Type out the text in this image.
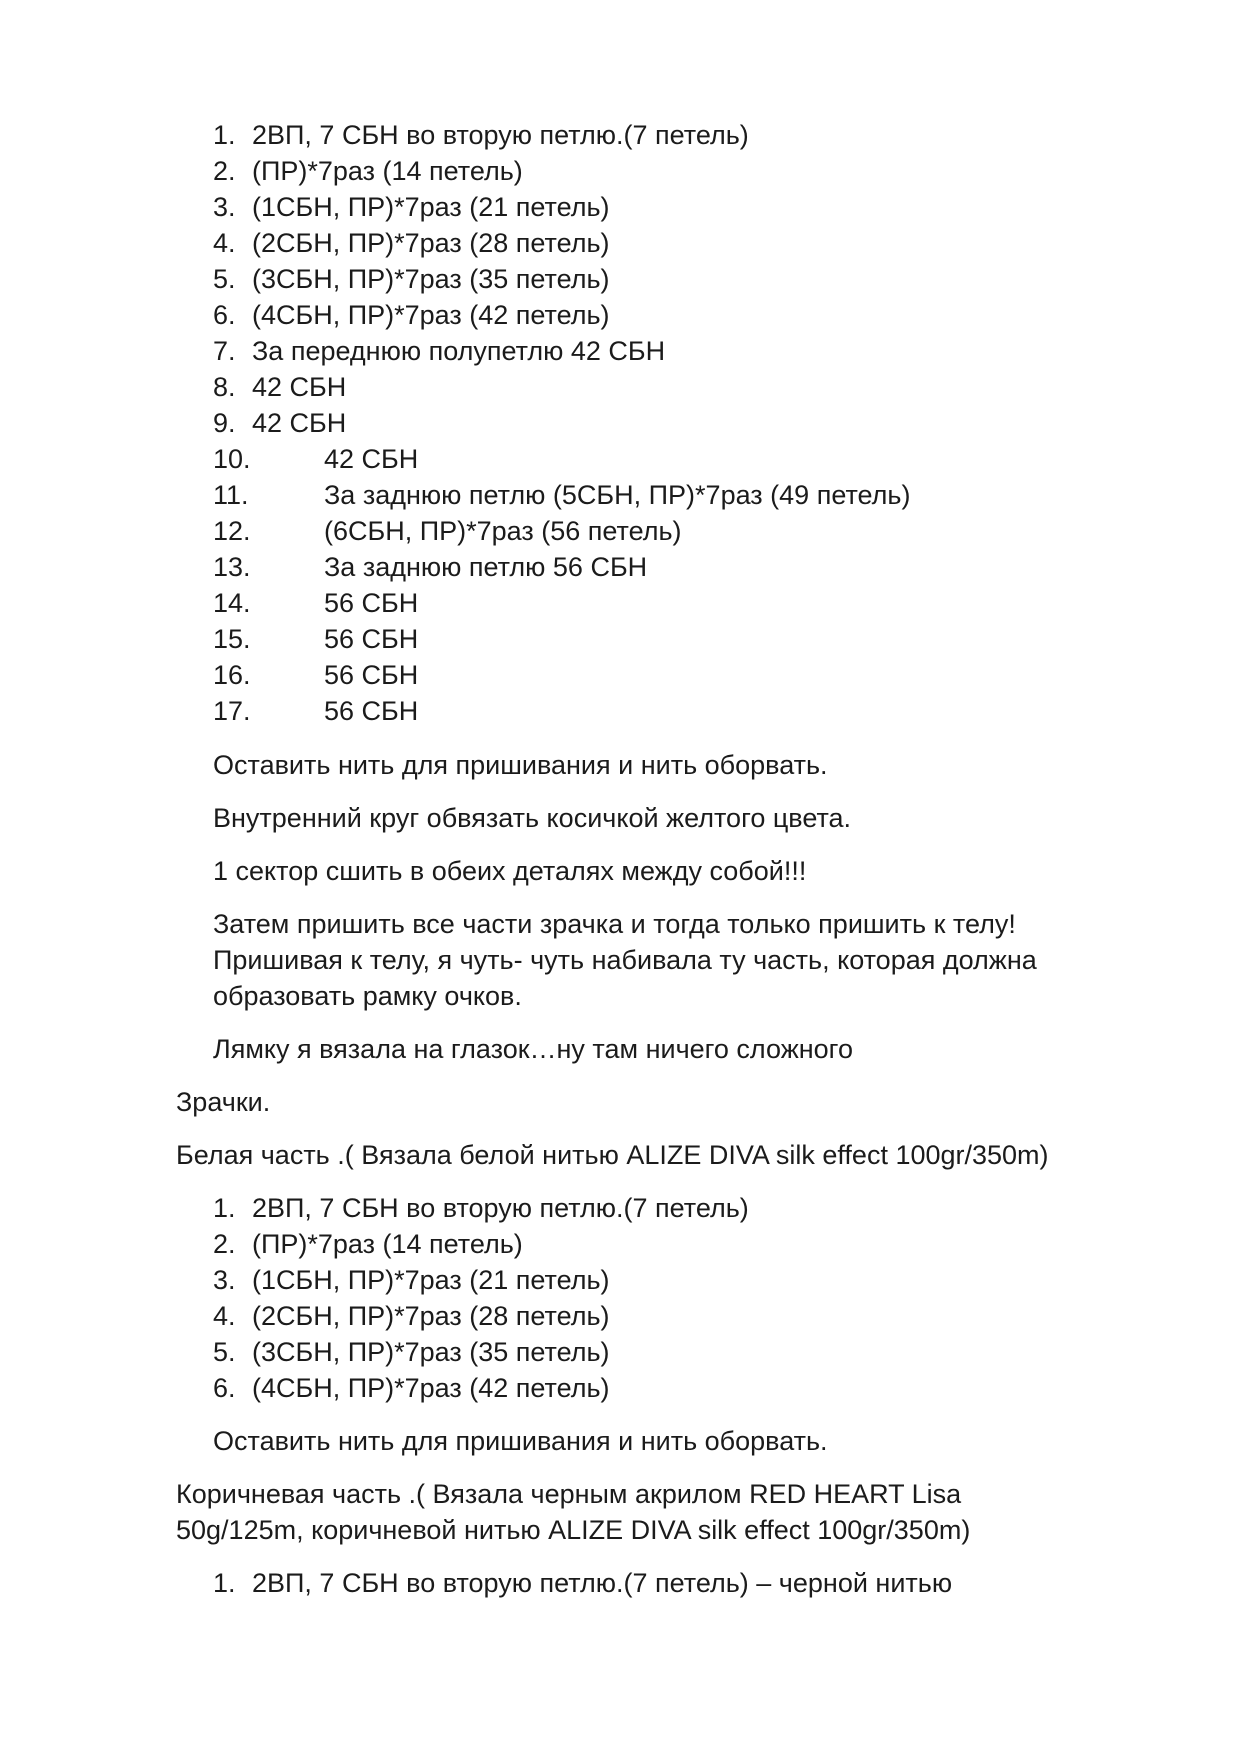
1. 2ВП, 7 СБН во вторую петлю.(7 петель)
2. (ПР)*7раз (14 петель)
3. (1СБН, ПР)*7раз (21 петель)
4. (2СБН, ПР)*7раз (28 петель)
5. (3СБН, ПР)*7раз (35 петель)
6. (4СБН, ПР)*7раз (42 петель)
7. За переднюю полупетлю 42 СБН
8. 42 СБН
9. 42 СБН
10.	42 СБН
11.	За заднюю петлю (5СБН, ПР)*7раз (49 петель)
12.	(6СБН, ПР)*7раз (56 петель)
13.	За заднюю петлю 56 СБН
14.	56 СБН
15.	56 СБН
16.	56 СБН
17.	56 СБН
Оставить нить для пришивания и нить оборвать.
Внутренний круг обвязать косичкой желтого цвета.
1 сектор сшить в обеих деталях между собой!!!
Затем пришить все части зрачка и тогда только пришить к телу!
Пришивая к телу, я чуть- чуть набивала ту часть, которая должна
образовать рамку очков.
Лямку я вязала на глазок…ну там ничего сложного
Зрачки.
Белая часть .( Вязала белой нитью ALIZE DIVA silk effect 100gr/350m)
1. 2ВП, 7 СБН во вторую петлю.(7 петель)
2. (ПР)*7раз (14 петель)
3. (1СБН, ПР)*7раз (21 петель)
4. (2СБН, ПР)*7раз (28 петель)
5. (3СБН, ПР)*7раз (35 петель)
6. (4СБН, ПР)*7раз (42 петель)
Оставить нить для пришивания и нить оборвать.
Коричневая часть .( Вязала черным акрилом RED HEART Lisa
50g/125m, коричневой нитью ALIZE DIVA silk effect 100gr/350m)
1. 2ВП, 7 СБН во вторую петлю.(7 петель) – черной нитью
